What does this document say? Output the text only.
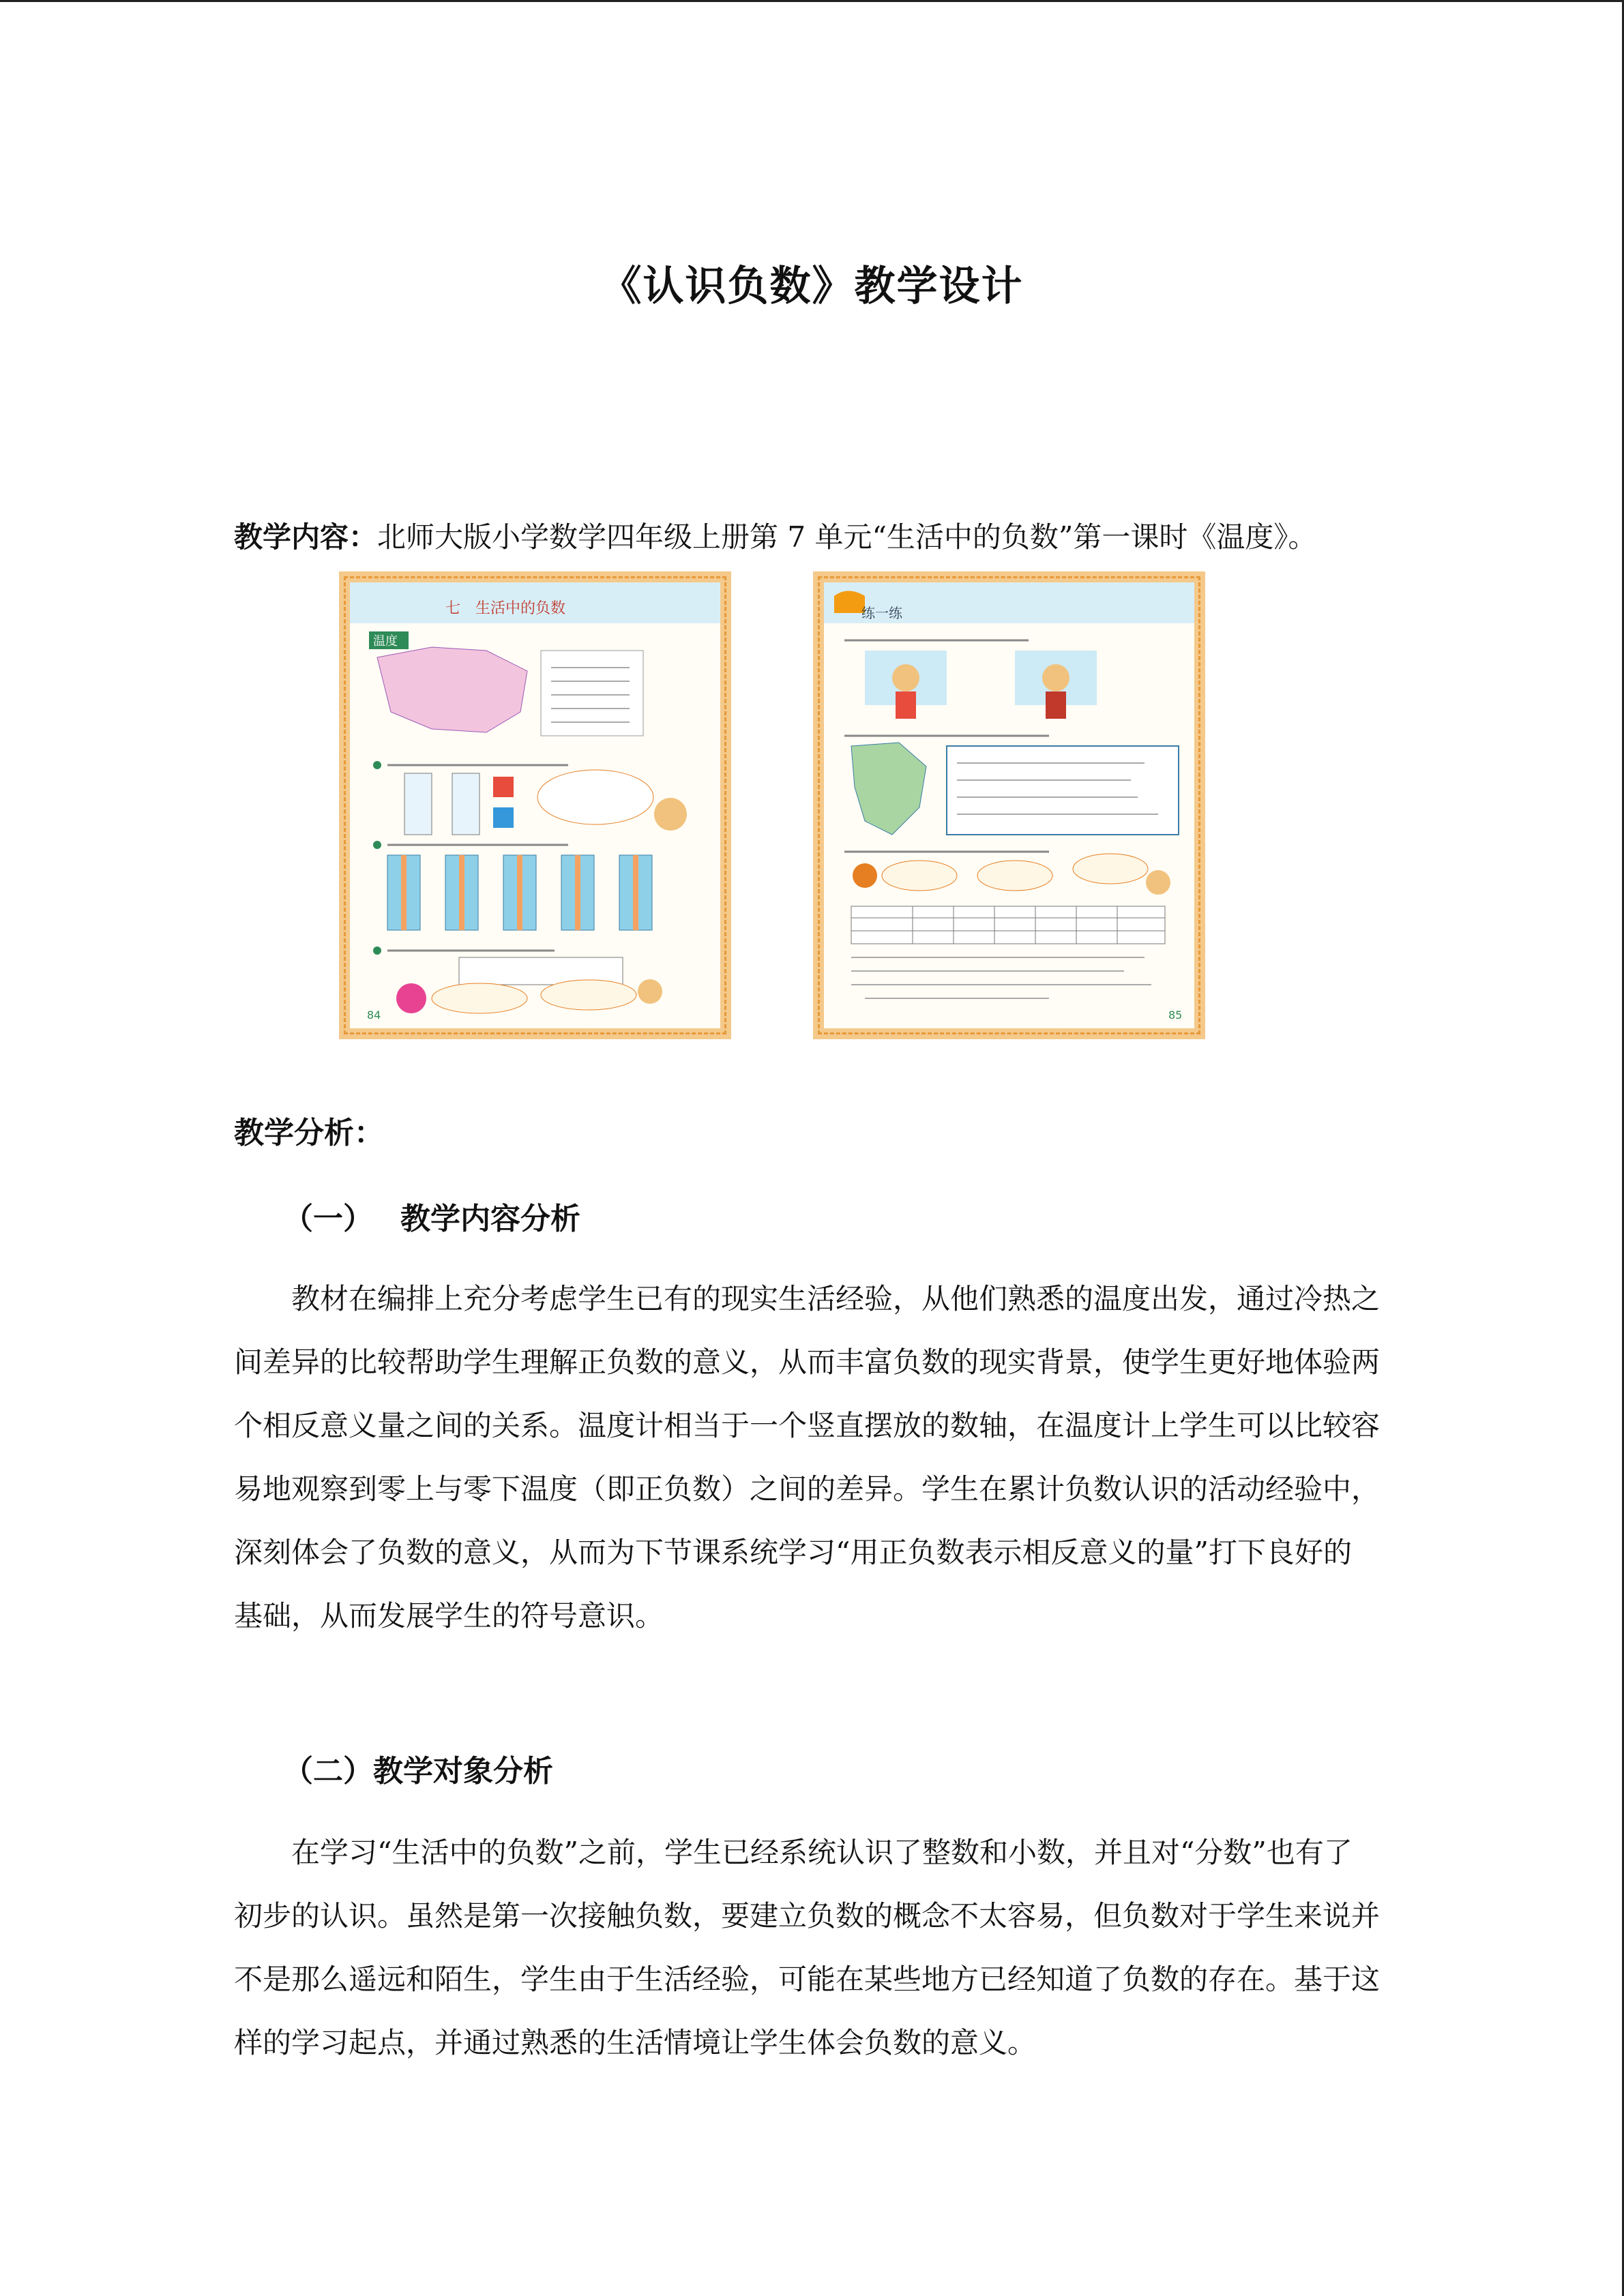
《认识负数》教学设计

教学内容：北师大版小学数学四年级上册第 7 单元“生活中的负数”第一课时《温度》。

七　生活中的负数
温度
84
练一练
85
教学分析：
（一） 教学内容分析

教材在编排上充分考虑学生已有的现实生活经验，从他们熟悉的温度出发，通过冷热之间差异的比较帮助学生理解正负数的意义，从而丰富负数的现实背景，使学生更好地体验两个相反意义量之间的关系。温度计相当于一个竖直摆放的数轴，在温度计上学生可以比较容易地观察到零上与零下温度（即正负数）之间的差异。学生在累计负数认识的活动经验中，深刻体会了负数的意义，从而为下节课系统学习“用正负数表示相反意义的量”打下良好的基础，从而发展学生的符号意识。

（二）教学对象分析

在学习“生活中的负数”之前，学生已经系统认识了整数和小数，并且对“分数”也有了初步的认识。虽然是第一次接触负数，要建立负数的概念不太容易，但负数对于学生来说并不是那么遥远和陌生，学生由于生活经验，可能在某些地方已经知道了负数的存在。基于这样的学习起点，并通过熟悉的生活情境让学生体会负数的意义。
